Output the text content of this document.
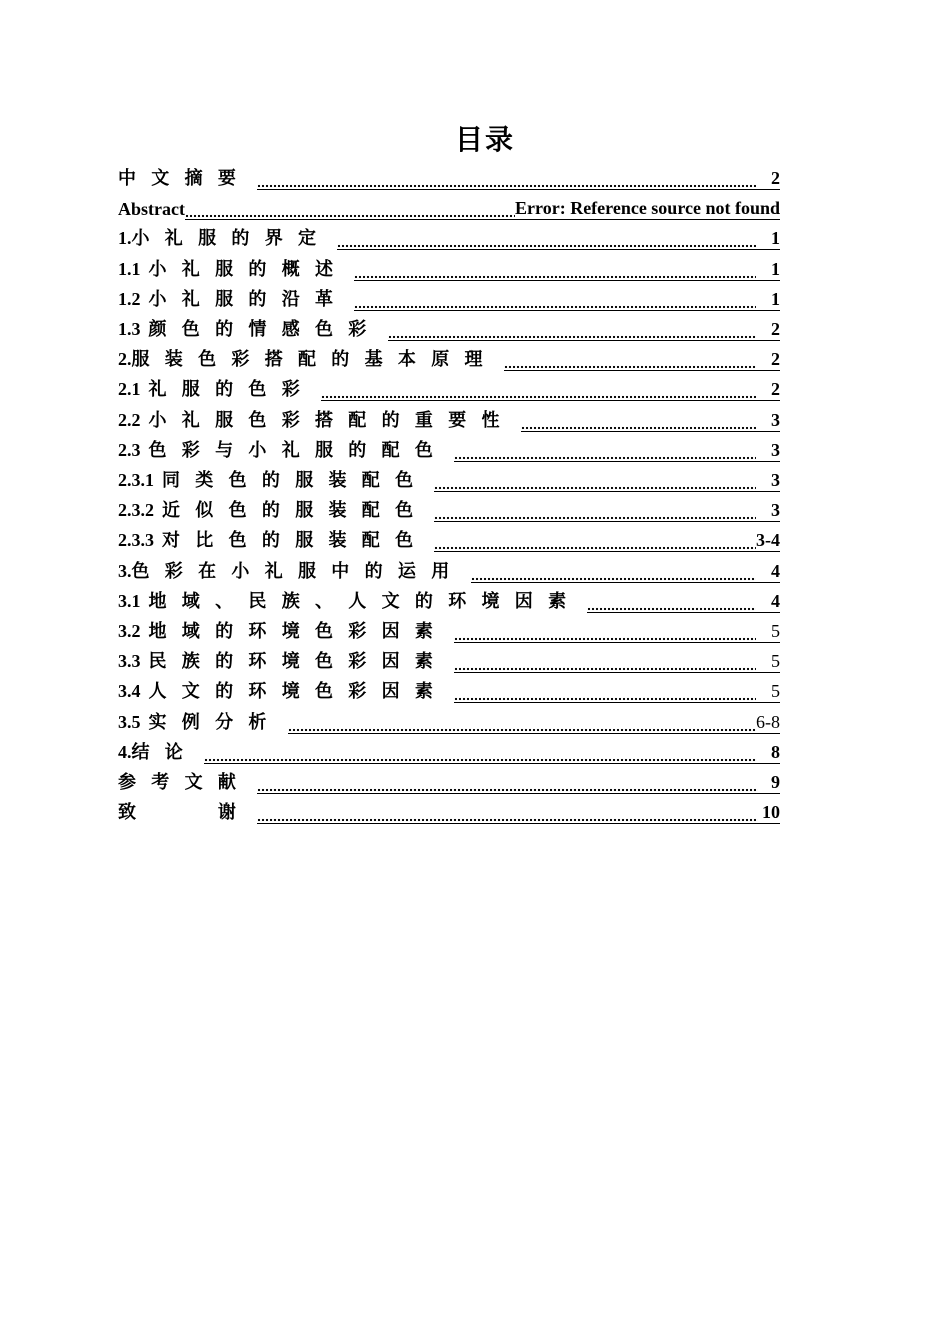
目录
中文摘要	2
Abstract	Error: Reference source not found
1.小礼服的界定	1
1.1 小礼服的概述	1
1.2 小礼服的沿革	1
1.3 颜色的情感色彩	2
2.服装色彩搭配的基本原理	2
2.1 礼服的色彩	2
2.2 小礼服色彩搭配的重要性	3
2.3 色彩与小礼服的配色	3
2.3.1 同类色的服装配色	3
2.3.2 近似色的服装配色	3
2.3.3 对比色的服装配色	3-4
3.色彩在小礼服中的运用	4
3.1 地域、民族、人文的环境因素	4
3.2 地域的环境色彩因素	5
3.3 民族的环境色彩因素	5
3.4 人文的环境色彩因素	5
3.5 实例分析	6-8
4.结论	8
参考文献	9
致　　谢	10
